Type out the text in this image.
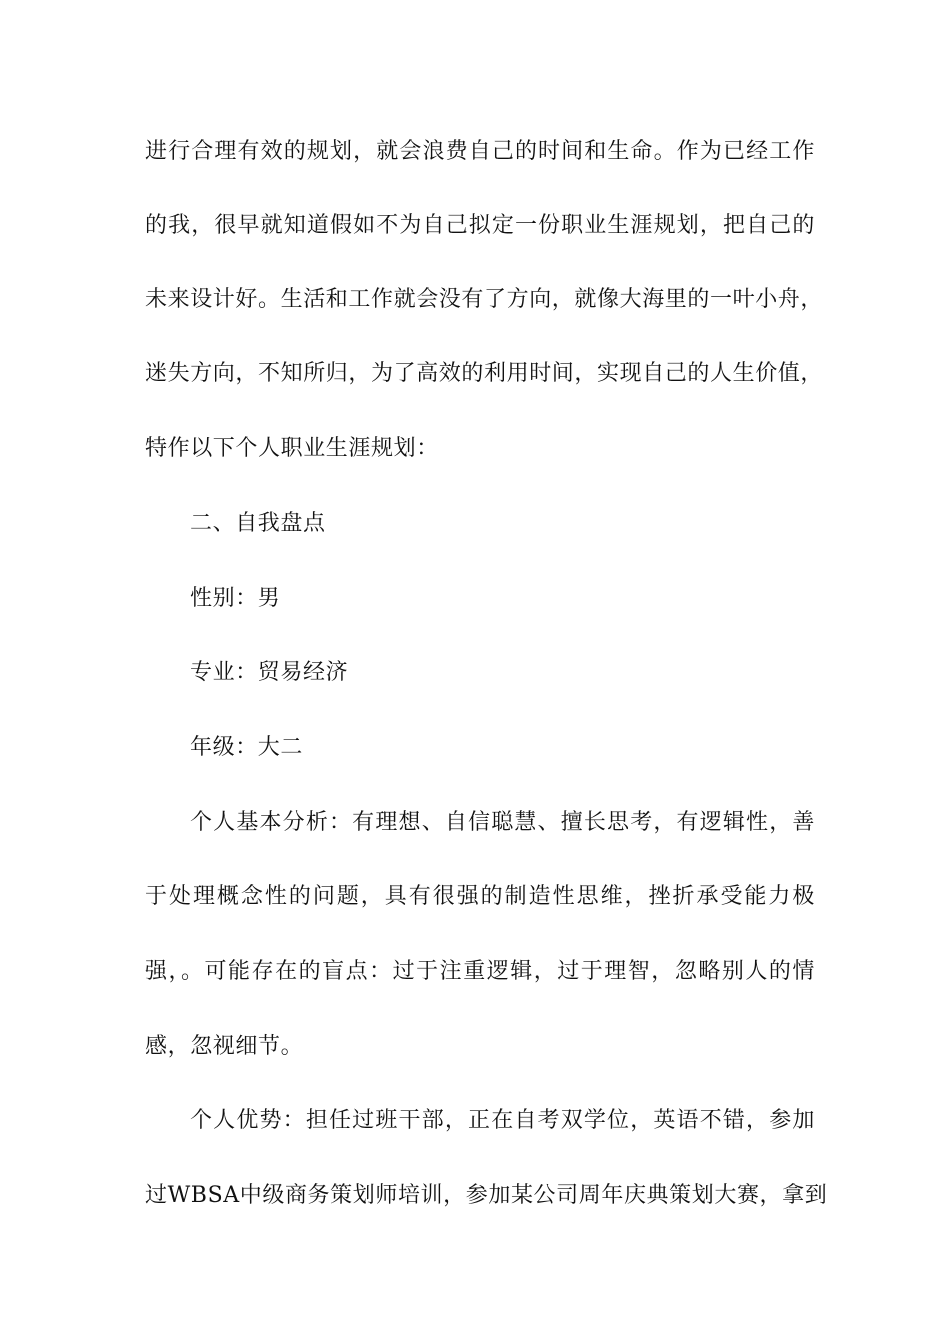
进行合理有效的规划，就会浪费自己的时间和生命。作为已经工作
的我，很早就知道假如不为自己拟定一份职业生涯规划，把自己的
未来设计好。生活和工作就会没有了方向，就像大海里的一叶小舟，
迷失方向，不知所归，为了高效的利用时间，实现自己的人生价值，
特作以下个人职业生涯规划：
二、自我盘点
性别：男
专业：贸易经济
年级：大二
个人基本分析：有理想、自信聪慧、擅长思考，有逻辑性，善
于处理概念性的问题，具有很强的制造性思维，挫折承受能力极
强，。可能存在的盲点：过于注重逻辑，过于理智，忽略别人的情
感，忽视细节。
个人优势：担任过班干部，正在自考双学位，英语不错，参加
过WBSA中级商务策划师培训，参加某公司周年庆典策划大赛，拿到
